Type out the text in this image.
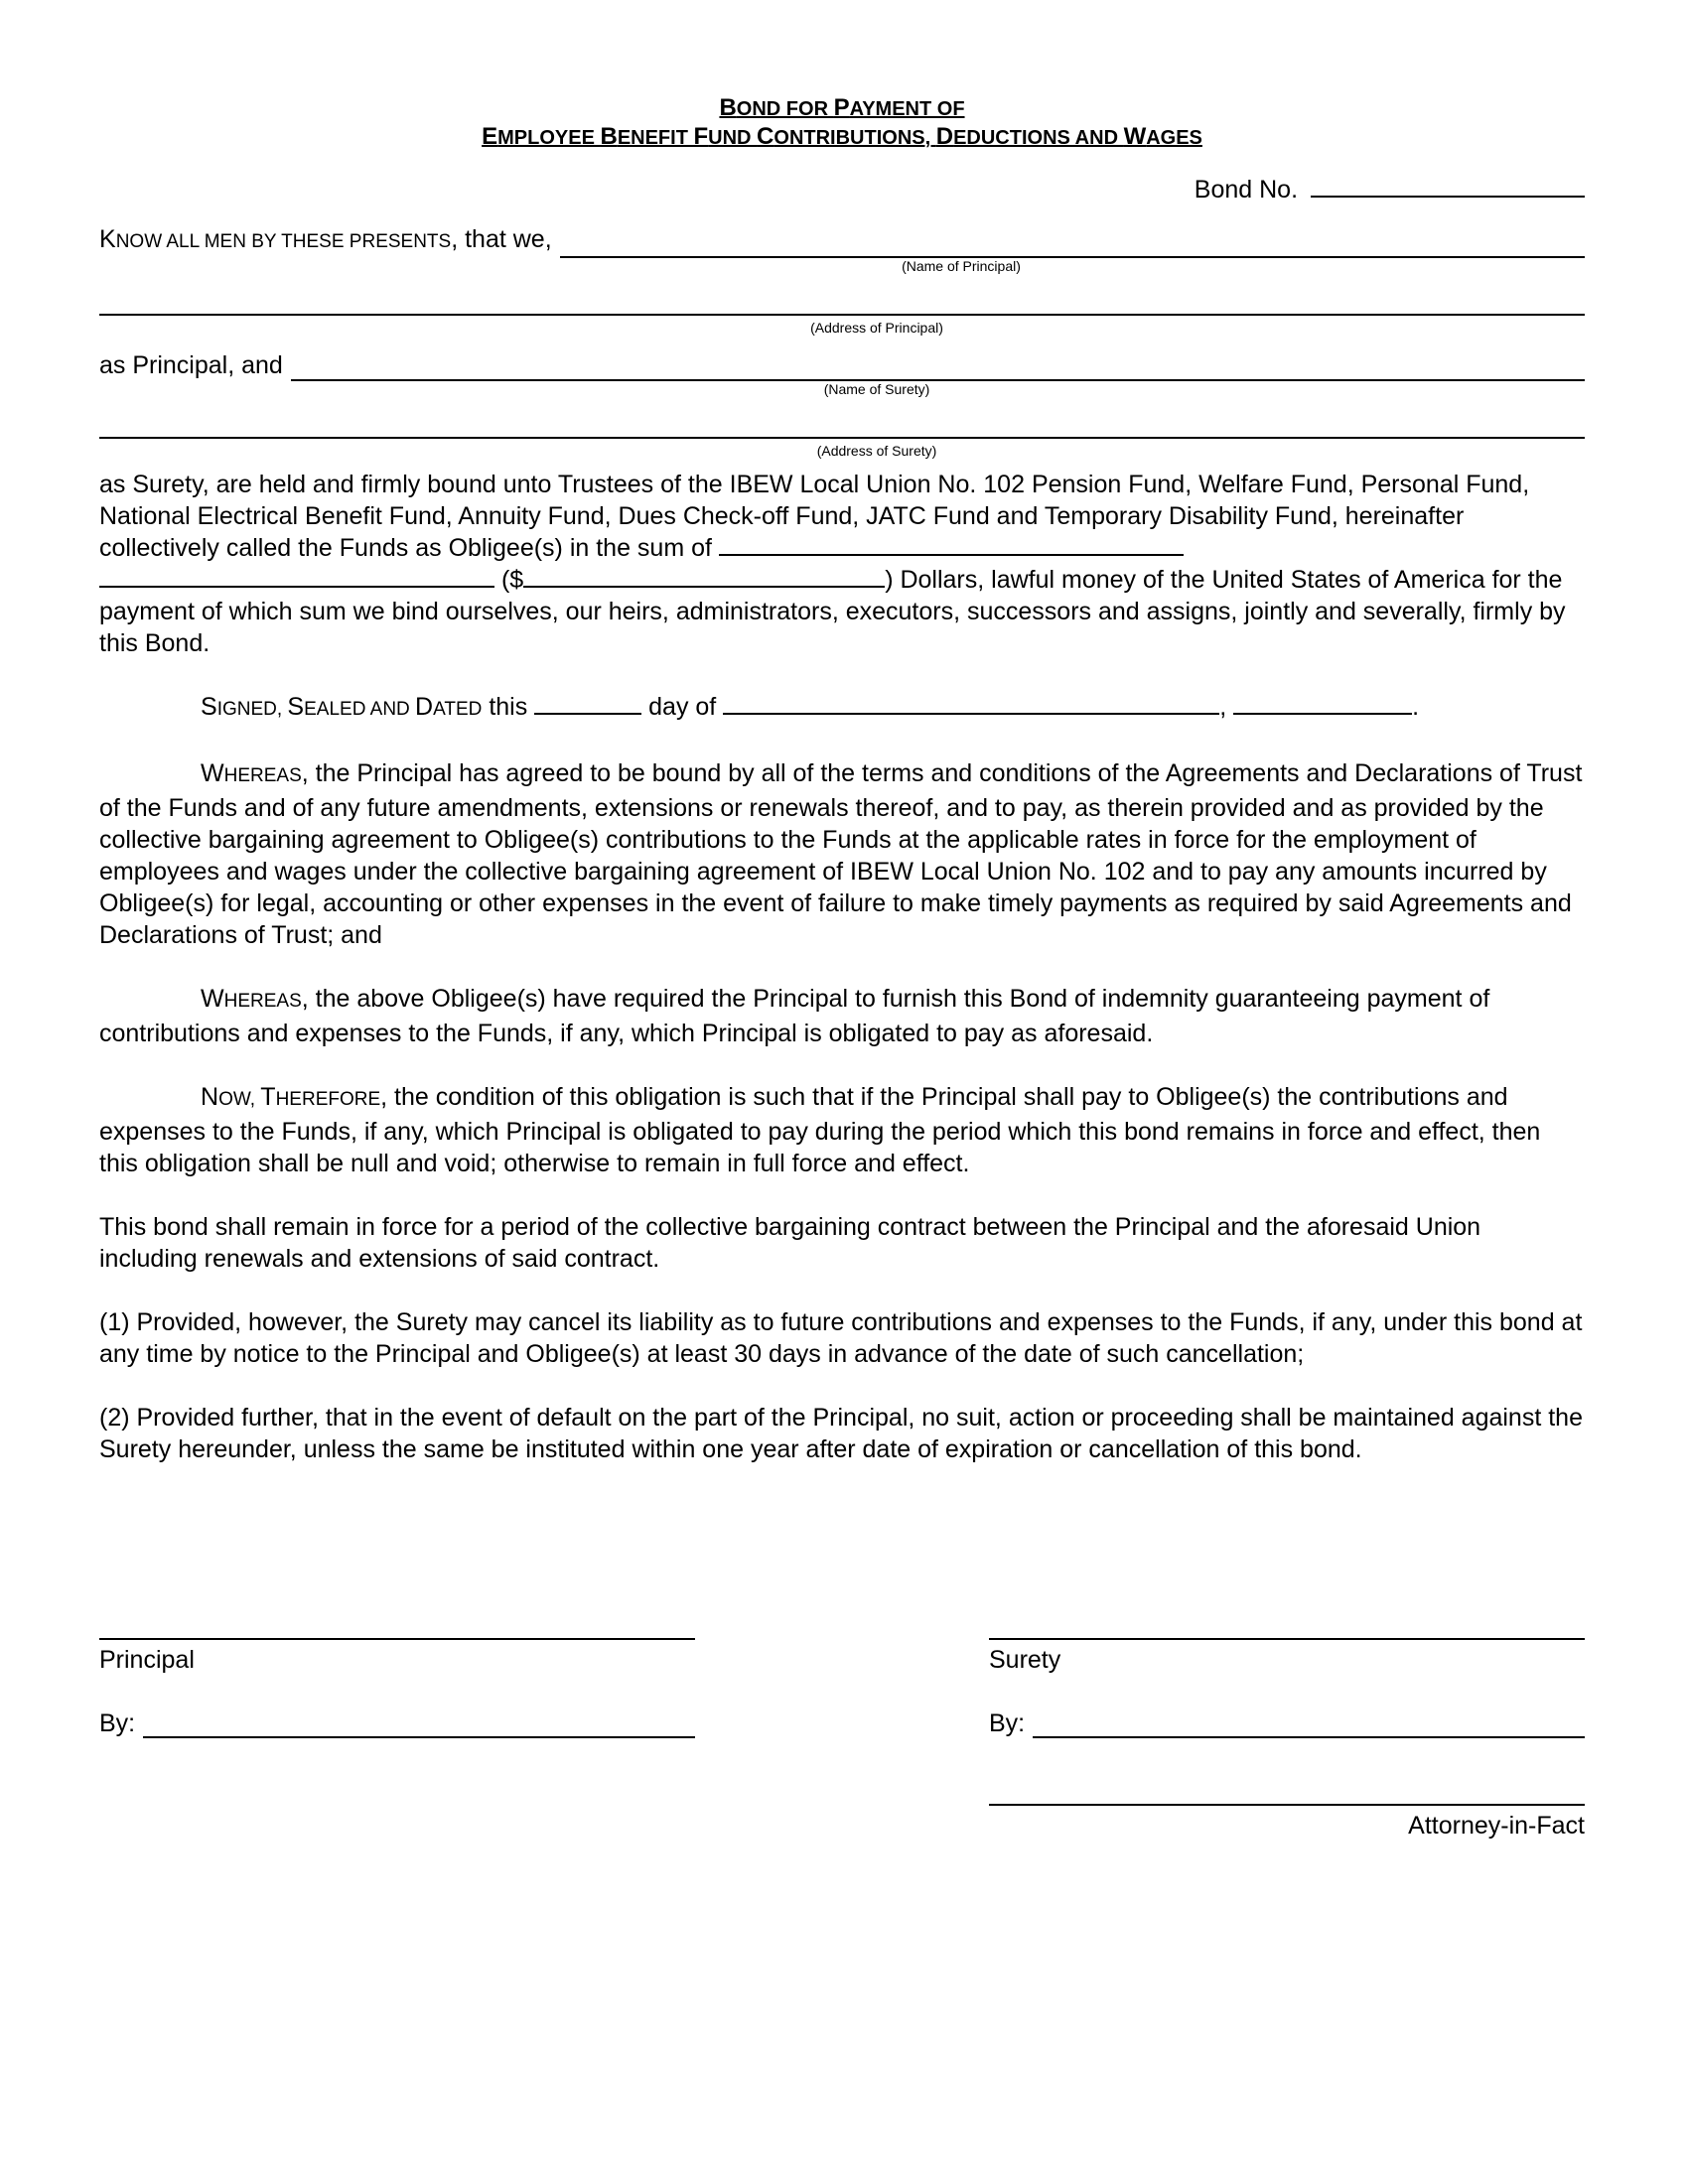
BOND FOR PAYMENT OF
EMPLOYEE BENEFIT FUND CONTRIBUTIONS, DEDUCTIONS AND WAGES
Bond No.
KNOW ALL MEN BY THESE PRESENTS, that we,
(Name of Principal)
(Address of Principal)
as Principal, and
(Name of Surety)
(Address of Surety)

as Surety, are held and firmly bound unto Trustees of the IBEW Local Union No. 102 Pension Fund, Welfare Fund, Personal Fund, National Electrical Benefit Fund, Annuity Fund, Dues Check-off Fund, JATC Fund and Temporary Disability Fund, hereinafter collectively called the Funds as Obligee(s) in the sum of   ($	) Dollars, lawful money of the United States of America for the payment of which sum we bind ourselves, our heirs, administrators, executors, successors and assigns, jointly and severally, firmly by this Bond.

SIGNED, SEALED AND DATED this	day of	,	.

WHEREAS, the Principal has agreed to be bound by all of the terms and conditions of the Agreements and Declarations of Trust of the Funds and of any future amendments, extensions or renewals thereof, and to pay, as therein provided and as provided by the collective bargaining agreement to Obligee(s) contributions to the Funds at the applicable rates in force for the employment of employees and wages under the collective bargaining agreement of IBEW Local Union No. 102 and to pay any amounts incurred by Obligee(s) for legal, accounting or other expenses in the event of failure to make timely payments as required by said Agreements and Declarations of Trust; and

WHEREAS, the above Obligee(s) have required the Principal to furnish this Bond of indemnity guaranteeing payment of contributions and expenses to the Funds, if any, which Principal is obligated to pay as aforesaid.

NOW, THEREFORE, the condition of this obligation is such that if the Principal shall pay to Obligee(s) the contributions and expenses to the Funds, if any, which Principal is obligated to pay during the period which this bond remains in force and effect, then this obligation shall be null and void; otherwise to remain in full force and effect.

This bond shall remain in force for a period of the collective bargaining contract between the Principal and the aforesaid Union including renewals and extensions of said contract.

(1) Provided, however, the Surety may cancel its liability as to future contributions and expenses to the Funds, if any, under this bond at any time by notice to the Principal and Obligee(s) at least 30 days in advance of the date of such cancellation;

(2) Provided further, that in the event of default on the part of the Principal, no suit, action or proceeding shall be maintained against the Surety hereunder, unless the same be instituted within one year after date of expiration or cancellation of this bond.

Principal
By:
Surety
By:
Attorney-in-Fact
